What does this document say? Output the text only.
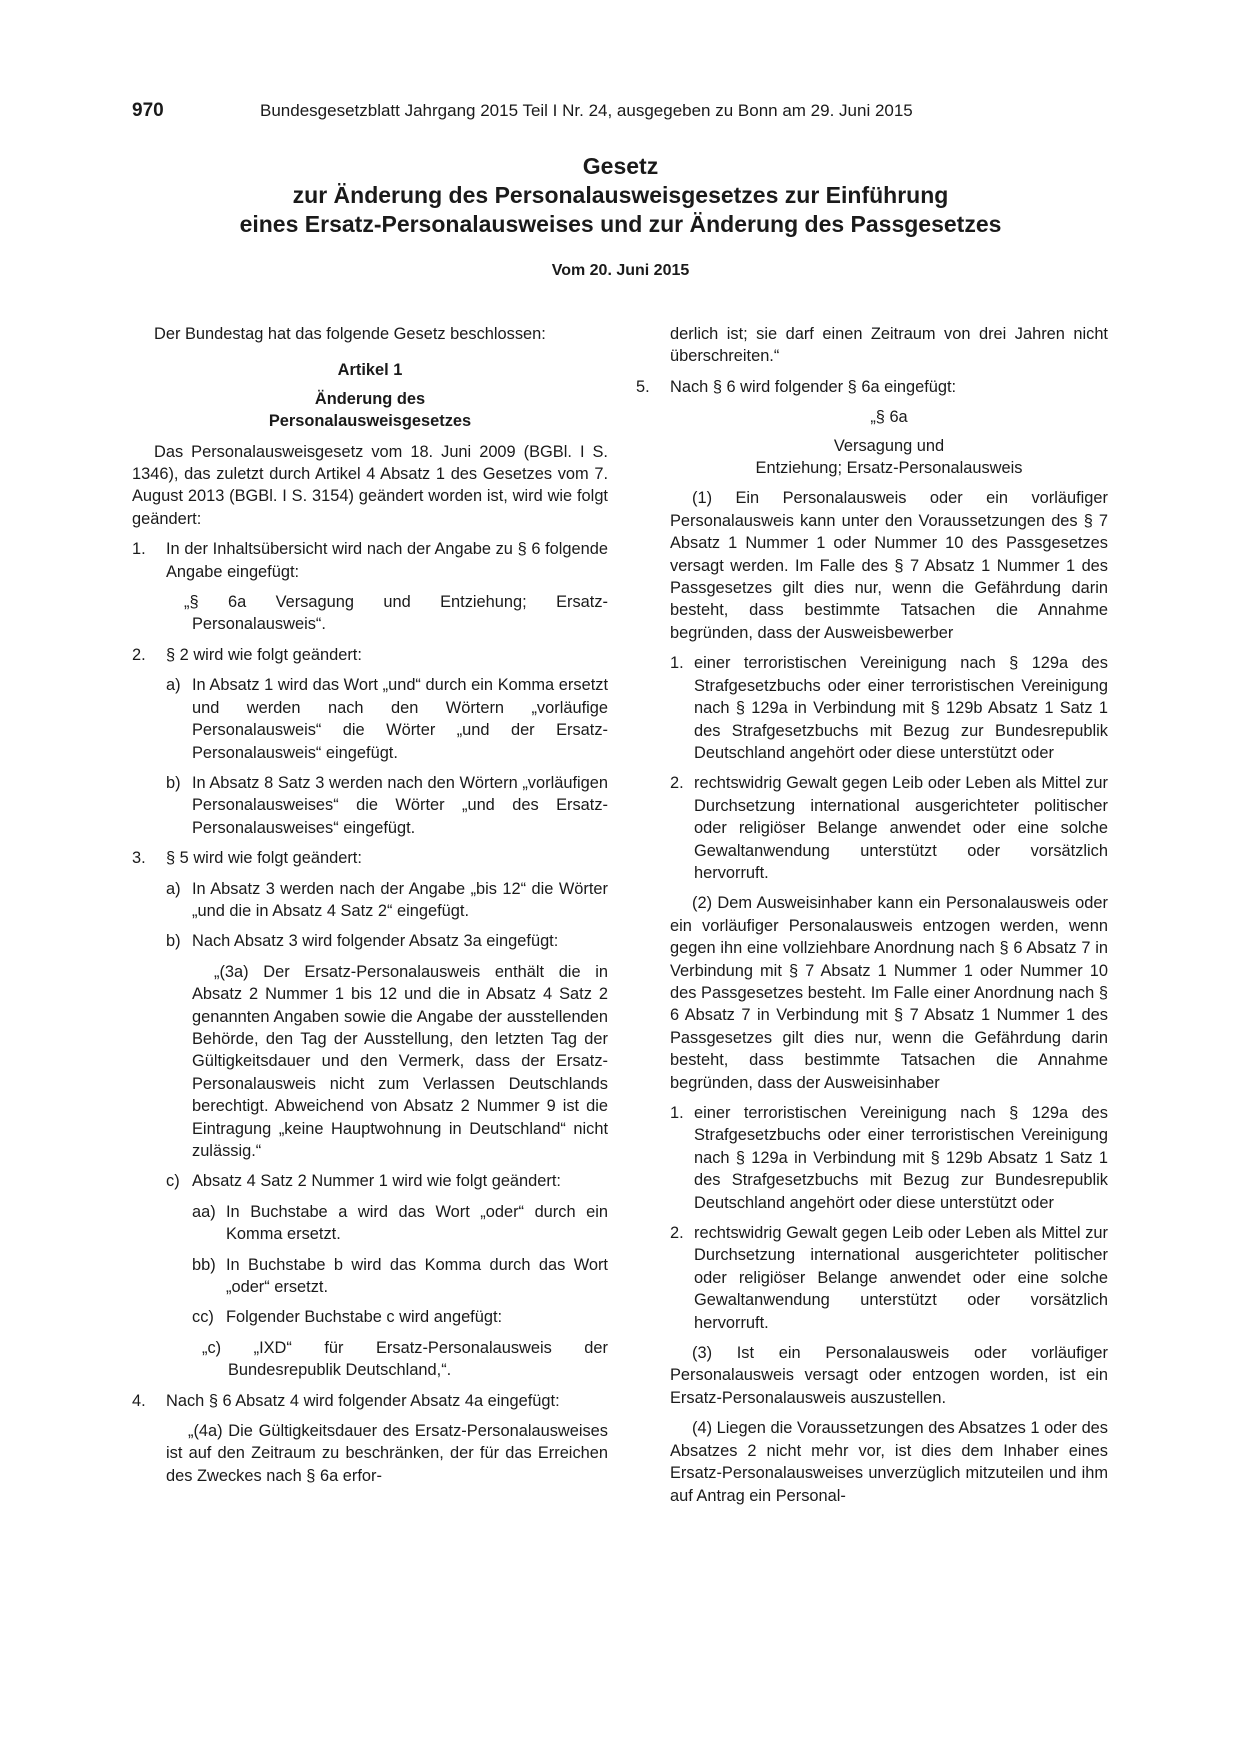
970	Bundesgesetzblatt Jahrgang 2015 Teil I Nr. 24, ausgegeben zu Bonn am 29. Juni 2015
Gesetz
zur Änderung des Personalausweisgesetzes zur Einführung
eines Ersatz-Personalausweises und zur Änderung des Passgesetzes
Vom 20. Juni 2015

Der Bundestag hat das folgende Gesetz beschlossen:

Artikel 1
Änderung des
Personalausweisgesetzes

Das Personalausweisgesetz vom 18. Juni 2009 (BGBl. I S. 1346), das zuletzt durch Artikel 4 Absatz 1 des Gesetzes vom 7. August 2013 (BGBl. I S. 3154) geändert worden ist, wird wie folgt geändert:

1. In der Inhaltsübersicht wird nach der Angabe zu § 6 folgende Angabe eingefügt:

„§ 6a Versagung und Entziehung; Ersatz-Personalausweis“.

2. § 2 wird wie folgt geändert:
a) In Absatz 1 wird das Wort „und“ durch ein Komma ersetzt und werden nach den Wörtern „vorläufige Personalausweis“ die Wörter „und der Ersatz-Personalausweis“ eingefügt.
b) In Absatz 8 Satz 3 werden nach den Wörtern „vorläufigen Personalausweises“ die Wörter „und des Ersatz-Personalausweises“ eingefügt.
3. § 5 wird wie folgt geändert:
a) In Absatz 3 werden nach der Angabe „bis 12“ die Wörter „und die in Absatz 4 Satz 2“ eingefügt.
b) Nach Absatz 3 wird folgender Absatz 3a eingefügt:

„(3a) Der Ersatz-Personalausweis enthält die in Absatz 2 Nummer 1 bis 12 und die in Absatz 4 Satz 2 genannten Angaben sowie die Angabe der ausstellenden Behörde, den Tag der Ausstellung, den letzten Tag der Gültigkeitsdauer und den Vermerk, dass der Ersatz-Personalausweis nicht zum Verlassen Deutschlands berechtigt. Abweichend von Absatz 2 Nummer 9 ist die Eintragung „keine Hauptwohnung in Deutschland“ nicht zulässig.“

c) Absatz 4 Satz 2 Nummer 1 wird wie folgt geändert:
aa) In Buchstabe a wird das Wort „oder“ durch ein Komma ersetzt.
bb) In Buchstabe b wird das Komma durch das Wort „oder“ ersetzt.
cc) Folgender Buchstabe c wird angefügt:

„c) „IXD“ für Ersatz-Personalausweis der Bundesrepublik Deutschland,“.

4. Nach § 6 Absatz 4 wird folgender Absatz 4a eingefügt:

„(4a) Die Gültigkeitsdauer des Ersatz-Personalausweises ist auf den Zeitraum zu beschränken, der für das Erreichen des Zweckes nach § 6a erfor-

derlich ist; sie darf einen Zeitraum von drei Jahren nicht überschreiten.“

5. Nach § 6 wird folgender § 6a eingefügt:
„§ 6a
Versagung und
Entziehung; Ersatz-Personalausweis

(1) Ein Personalausweis oder ein vorläufiger Personalausweis kann unter den Voraussetzungen des § 7 Absatz 1 Nummer 1 oder Nummer 10 des Passgesetzes versagt werden. Im Falle des § 7 Absatz 1 Nummer 1 des Passgesetzes gilt dies nur, wenn die Gefährdung darin besteht, dass bestimmte Tatsachen die Annahme begründen, dass der Ausweisbewerber

1. einer terroristischen Vereinigung nach § 129a des Strafgesetzbuchs oder einer terroristischen Vereinigung nach § 129a in Verbindung mit § 129b Absatz 1 Satz 1 des Strafgesetzbuchs mit Bezug zur Bundesrepublik Deutschland angehört oder diese unterstützt oder
2. rechtswidrig Gewalt gegen Leib oder Leben als Mittel zur Durchsetzung international ausgerichteter politischer oder religiöser Belange anwendet oder eine solche Gewaltanwendung unterstützt oder vorsätzlich hervorruft.

(2) Dem Ausweisinhaber kann ein Personalausweis oder ein vorläufiger Personalausweis entzogen werden, wenn gegen ihn eine vollziehbare Anordnung nach § 6 Absatz 7 in Verbindung mit § 7 Absatz 1 Nummer 1 oder Nummer 10 des Passgesetzes besteht. Im Falle einer Anordnung nach § 6 Absatz 7 in Verbindung mit § 7 Absatz 1 Nummer 1 des Passgesetzes gilt dies nur, wenn die Gefährdung darin besteht, dass bestimmte Tatsachen die Annahme begründen, dass der Ausweisinhaber

1. einer terroristischen Vereinigung nach § 129a des Strafgesetzbuchs oder einer terroristischen Vereinigung nach § 129a in Verbindung mit § 129b Absatz 1 Satz 1 des Strafgesetzbuchs mit Bezug zur Bundesrepublik Deutschland angehört oder diese unterstützt oder
2. rechtswidrig Gewalt gegen Leib oder Leben als Mittel zur Durchsetzung international ausgerichteter politischer oder religiöser Belange anwendet oder eine solche Gewaltanwendung unterstützt oder vorsätzlich hervorruft.

(3) Ist ein Personalausweis oder vorläufiger Personalausweis versagt oder entzogen worden, ist ein Ersatz-Personalausweis auszustellen.

(4) Liegen die Voraussetzungen des Absatzes 1 oder des Absatzes 2 nicht mehr vor, ist dies dem Inhaber eines Ersatz-Personalausweises unverzüglich mitzuteilen und ihm auf Antrag ein Personal-
